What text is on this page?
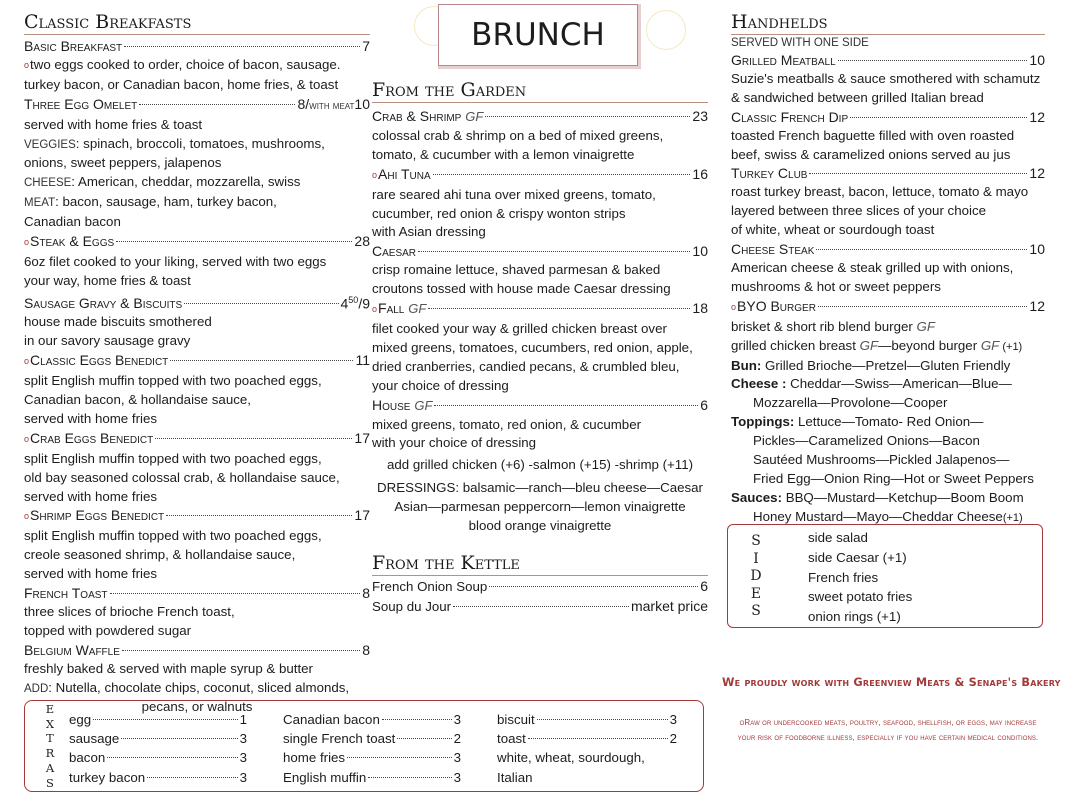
BRUNCH
Classic Breakfasts
Basic Breakfast	7
otwo eggs cooked to order, choice of bacon, sausage.
turkey bacon, or Canadian bacon, home fries, & toast
Three Egg Omelet	8/with meat10
served with home fries & toast
VEGGIES: spinach, broccoli, tomatoes, mushrooms,
onions, sweet peppers, jalapenos
CHEESE: American, cheddar, mozzarella, swiss
MEAT: bacon, sausage, ham, turkey bacon,
Canadian bacon
o Steak & Eggs	28
6oz filet cooked to your liking, served with two eggs
your way, home fries & toast
Sausage Gravy & Biscuits	$4^{50}/9$
house made biscuits smothered
in our savory sausage gravy
o Classic Eggs Benedict	11
split English muffin topped with two poached eggs,
Canadian bacon, & hollandaise sauce,
served with home fries
o Crab Eggs Benedict	17
split English muffin topped with two poached eggs,
old bay seasoned colossal crab, & hollandaise sauce,
served with home fries
o Shrimp Eggs Benedict	17
split English muffin topped with two poached eggs,
creole seasoned shrimp, & hollandaise sauce,
served with home fries
French Toast	8
three slices of brioche French toast,
topped with powdered sugar
Belgium Waffle	8
freshly baked & served with maple syrup & butter
ADD: Nutella, chocolate chips, coconut, sliced almonds,
pecans, or walnuts
From the Garden
Crab & Shrimp GF	23
colossal crab & shrimp on a bed of mixed greens,
tomato, & cucumber with a lemon vinaigrette
o Ahi Tuna	16
rare seared ahi tuna over mixed greens, tomato,
cucumber, red onion & crispy wonton strips
with Asian dressing
Caesar	10
crisp romaine lettuce, shaved parmesan & baked
croutons tossed with house made Caesar dressing
o Fall GF	18
filet cooked your way & grilled chicken breast over
mixed greens, tomatoes, cucumbers, red onion, apple,
dried cranberries, candied pecans, & crumbled bleu,
your choice of dressing
House GF	6
mixed greens, tomato, red onion, & cucumber
with your choice of dressing
add grilled chicken (+6) -salmon (+15) -shrimp (+11)
DRESSINGS: balsamic—ranch—bleu cheese—Caesar
Asian—parmesan peppercorn—lemon vinaigrette
blood orange vinaigrette
From the Kettle
French Onion Soup	6
Soup du Jour	market price
Handhelds
SERVED WITH ONE SIDE
Grilled Meatball	10
Suzie's meatballs & sauce smothered with schamutz
& sandwiched between grilled Italian bread
Classic French Dip	12
toasted French baguette filled with oven roasted
beef, swiss & caramelized onions served au jus
Turkey Club	12
roast turkey breast, bacon, lettuce, tomato & mayo
layered between three slices of your choice
of white, wheat or sourdough toast
Cheese Steak	10
American cheese & steak grilled up with onions,
mushrooms & hot or sweet peppers
o BYO Burger	12
brisket & short rib blend burger GF
grilled chicken breast GF—beyond burger GF (+1)
Bun: Grilled Brioche—Pretzel—Gluten Friendly
Cheese : Cheddar—Swiss—American—Blue—
Mozzarella—Provolone—Cooper
Toppings: Lettuce—Tomato- Red Onion—
Pickles—Caramelized Onions—Bacon
Sautéed Mushrooms—Pickled Jalapenos—
Fried Egg—Onion Ring—Hot or Sweet Peppers
Sauces: BBQ—Mustard—Ketchup—Boom Boom
Honey Mustard—Mayo—Cheddar Cheese(+1)
S
I
D
E
S
side salad
side Caesar (+1)
French fries
sweet potato fries
onion rings (+1)
E
X
T
R
A
S
egg	1
sausage	3
bacon	3
turkey bacon	3
Canadian bacon	3
single French toast	2
home fries	3
English muffin	3
biscuit	3
toast	2
white, wheat, sourdough,
Italian
We proudly work with Greenview Meats & Senape's Bakery
oRaw or undercooked meats, poultry, seafood, shellfish, or eggs, may increase
your risk of foodborne illness, especially if you have certain medical conditions.
